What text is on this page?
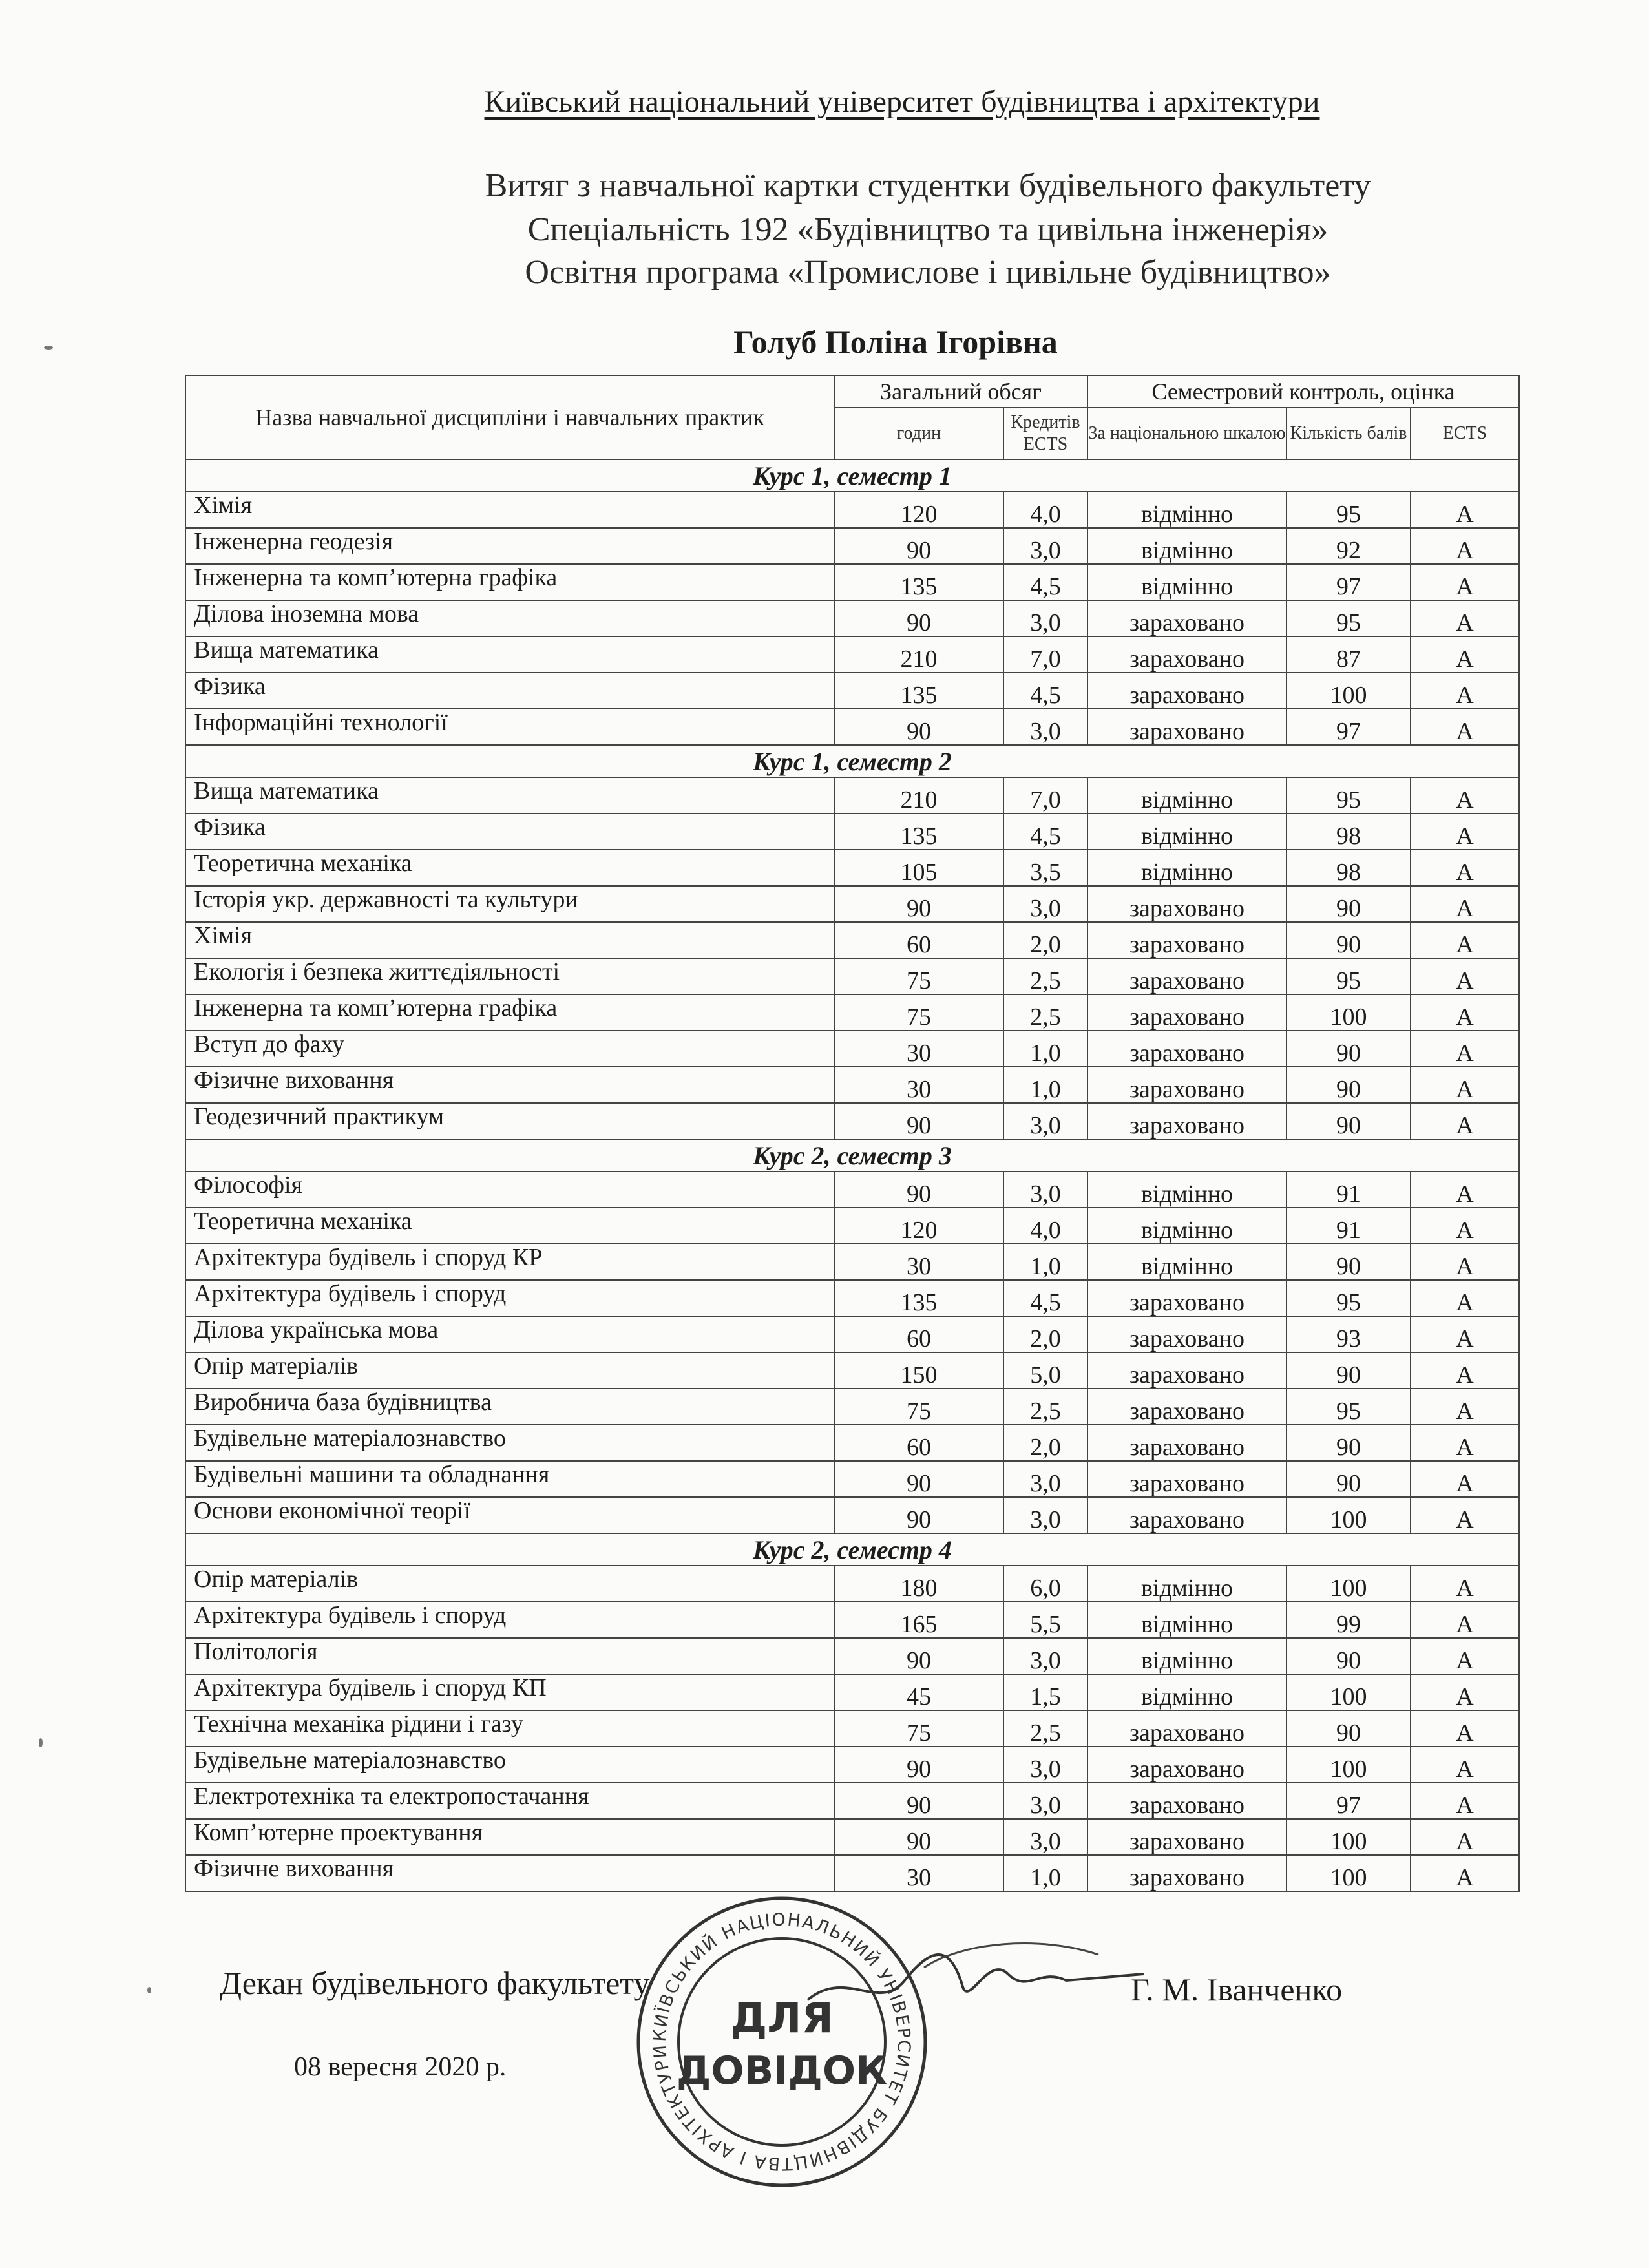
Київський національний університет будівництва і архітектури
Витяг з навчальної картки студентки будівельного факультету
Спеціальність 192 «Будівництво та цивільна інженерія»
Освітня програма «Промислове і цивільне будівництво»
Голуб Поліна Ігорівна
Назва навчальної дисципліни і навчальних практик	Загальний обсяг		Семестровий контроль, оцінка		
	годин	Кредитів ECTS	За національною шкалою	Кількість балів	ECTS
Курс 1, семестр 1					
Хімія	120	4,0	відмінно	95	A
Інженерна геодезія	90	3,0	відмінно	92	A
Інженерна та комп’ютерна графіка	135	4,5	відмінно	97	A
Ділова іноземна мова	90	3,0	зараховано	95	A
Вища математика	210	7,0	зараховано	87	A
Фізика	135	4,5	зараховано	100	A
Інформаційні технології	90	3,0	зараховано	97	A
Курс 1, семестр 2					
Вища математика	210	7,0	відмінно	95	A
Фізика	135	4,5	відмінно	98	A
Теоретична механіка	105	3,5	відмінно	98	A
Історія укр. державності та культури	90	3,0	зараховано	90	A
Хімія	60	2,0	зараховано	90	A
Екологія і безпека життєдіяльності	75	2,5	зараховано	95	A
Інженерна та комп’ютерна графіка	75	2,5	зараховано	100	A
Вступ до фаху	30	1,0	зараховано	90	A
Фізичне виховання	30	1,0	зараховано	90	A
Геодезичний практикум	90	3,0	зараховано	90	A
Курс 2, семестр 3					
Філософія	90	3,0	відмінно	91	A
Теоретична механіка	120	4,0	відмінно	91	A
Архітектура будівель і споруд КР	30	1,0	відмінно	90	A
Архітектура будівель і споруд	135	4,5	зараховано	95	A
Ділова українська мова	60	2,0	зараховано	93	A
Опір матеріалів	150	5,0	зараховано	90	A
Виробнича база будівництва	75	2,5	зараховано	95	A
Будівельне матеріалознавство	60	2,0	зараховано	90	A
Будівельні машини та обладнання	90	3,0	зараховано	90	A
Основи економічної теорії	90	3,0	зараховано	100	A
Курс 2, семестр 4					
Опір матеріалів	180	6,0	відмінно	100	A
Архітектура будівель і споруд	165	5,5	відмінно	99	A
Політологія	90	3,0	відмінно	90	A
Архітектура будівель і споруд КП	45	1,5	відмінно	100	A
Технічна механіка рідини і газу	75	2,5	зараховано	90	A
Будівельне матеріалознавство	90	3,0	зараховано	100	A
Електротехніка та електропостачання	90	3,0	зараховано	97	A
Комп’ютерне проектування	90	3,0	зараховано	100	A
Фізичне виховання	30	1,0	зараховано	100	A
Декан будівельного факультету	Г. М. Іванченко
08 вересня 2020 р.
КИЇВСЬКИЙ НАЦІОНАЛЬНИЙ УНІВЕРСИТЕТ БУДІВНИЦТВА І АРХІТЕКТУРИ
ДЛЯ
ДОВІДОК
